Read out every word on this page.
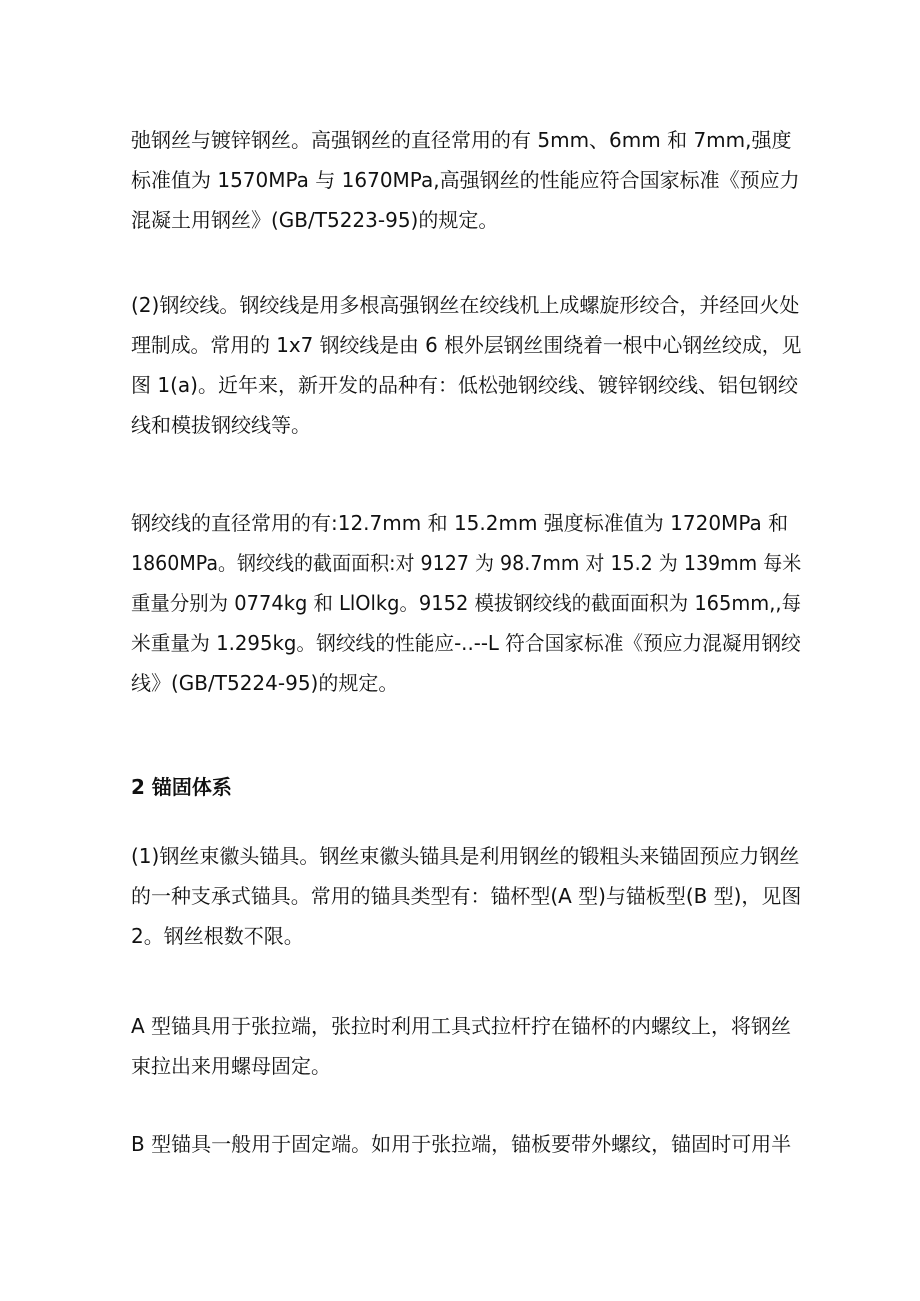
弛钢丝与镀锌钢丝。高强钢丝的直径常用的有 5mm、6mm 和 7mm,强度
标准值为 1570MPa 与 1670MPa,高强钢丝的性能应符合国家标准《预应力
混凝土用钢丝》(GB/T5223-95)的规定。
(2)钢绞线。钢绞线是用多根高强钢丝在绞线机上成螺旋形绞合，并经回火处
理制成。常用的 1x7 钢绞线是由 6 根外层钢丝围绕着一根中心钢丝绞成，见
图 1(a)。近年来，新开发的品种有：低松弛钢绞线、镀锌钢绞线、铝包钢绞
线和模拔钢绞线等。
钢绞线的直径常用的有:12.7mm 和 15.2mm 强度标准值为 1720MPa 和
1860MPa。钢绞线的截面面积:对 9127 为 98.7mm 对 15.2 为 139mm 每米
重量分别为 0774kg 和 LlOlkg。9152 模拔钢绞线的截面面积为 165mm,,每
米重量为 1.295kg。钢绞线的性能应-..--L 符合国家标准《预应力混凝用钢绞
线》(GB/T5224-95)的规定。
2 锚固体系
(1)钢丝束徽头锚具。钢丝束徽头锚具是利用钢丝的锻粗头来锚固预应力钢丝
的一种支承式锚具。常用的锚具类型有：锚杯型(A 型)与锚板型(B 型)，见图
2。钢丝根数不限。
A 型锚具用于张拉端，张拉时利用工具式拉杆拧在锚杯的内螺纹上，将钢丝
束拉出来用螺母固定。
B 型锚具一般用于固定端。如用于张拉端，锚板要带外螺纹，锚固时可用半
